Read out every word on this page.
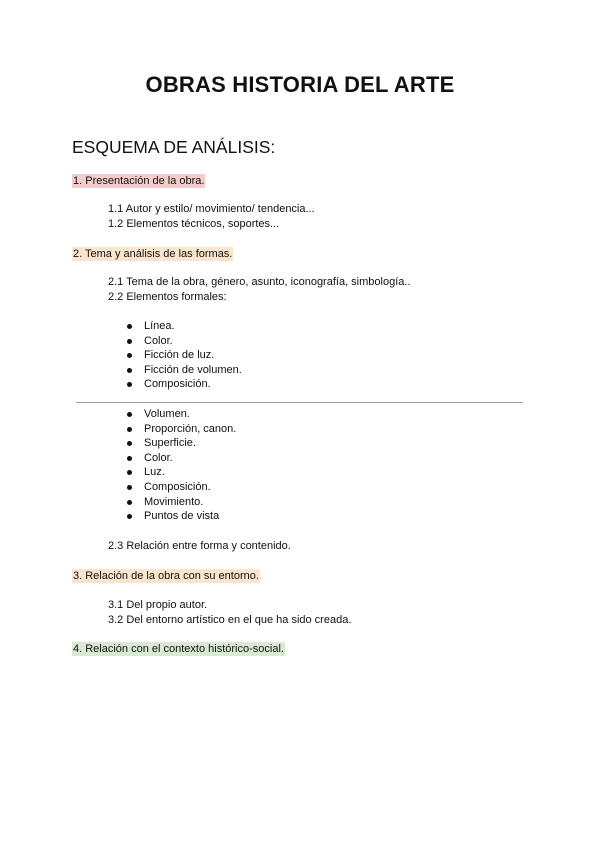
OBRAS HISTORIA DEL ARTE
ESQUEMA DE ANÁLISIS:
1. Presentación de la obra.
1.1 Autor y estilo/ movimiento/ tendencia...
1.2 Elementos técnicos, soportes...
2. Tema y análisis de las formas.
2.1 Tema de la obra, género, asunto, iconografía, simbología..
2.2 Elementos formales:
Línea.
Color.
Ficción de luz.
Ficción de volumen.
Composición.
Volumen.
Proporción, canon.
Superficie.
Color.
Luz.
Composición.
Movimiento.
Puntos de vista
2.3 Relación entre forma y contenido.
3. Relación de la obra con su entorno.
3.1 Del propio autor.
3.2 Del entorno artístico en el que ha sido creada.
4. Relación con el contexto histórico-social.
